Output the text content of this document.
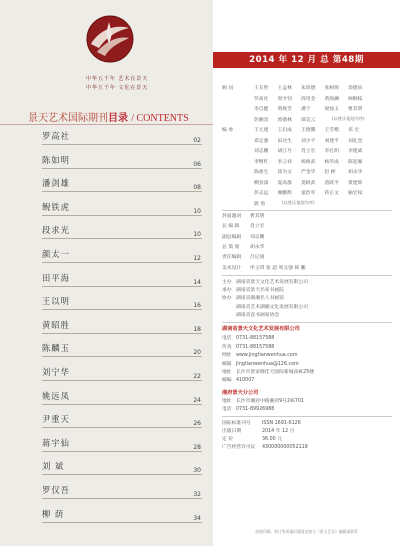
中华五千年 艺术在景天
中华五千年 文化在景天
景天艺术国际期刊目录 / CONTENTS
罗高社	02
陈如明	06
潘剑雄	08
鲵铁虎	10
段求光	10
颜太一	12
田平海	14
王以明	16
黄昭胜	18
陈麟玉	20
刘宁华	22
姚远凤	24
尹重天	26
蒋宇仙	28
刘 斌	30
罗仅吾	32
柳 荫	34
2014 年 12 月 总 第48期
顾 问	王友智 王孟林 朱训德 张树海 余德泉
罗高社 周令钊 周用金 黄海澜 柯桐枝
李自健 黄规芳 潘宁	梁仙玉 曹其明
彭湘容 郭德林 谭美云	(以姓氏笔划为序)
编 委	王元建 王启成 王德馨 王雪楷 邓 宏
邓定强 田达生 刘少平 刘建平 刘礼堂
刘志鹏 胡江号 肖立宏 李孔明 李建威
李继红 李云祥 杨俊武 杨华成 陈迎雁
陈惠生 涂为文 严金华 赵 彬	胡永华
柳劲深 夏高群 莫顾武 唐跃平 黄建辉
彭志远 谢鹏辉 童治军 蒋正文 喻宏权
蔚 勇	(以姓氏笔划为序)
封面题词 曹其明
总 编 辑 肖立宏
副总编辑 刘志鹏
总 策 划 胡永华
责任编辑 吕记国
美术设计 申玉琪 张 超 周文强 韩 鹏
主办 湖南省景天文化艺术发展有限公司
承办 湖南省景天名家书画院
协办 湖南省湖湘名人书画馆
湖南省艺术湖湘文化发展有限公司
湖南省直书画家协会
湖南省景天文化艺术发展有限公司
电话 0731-88157588
传真 0731-88157588
网址 www.jingtianwenhua.com
邮箱 Jingtianwenhua@126.com
地址 长沙市景家塘佳天国际新城南栋25楼
邮编 410007
湘府景天分公司
地址 长沙市湘府中路湘府9号2栋701
电话 0731-89926988
国际标准刊号 ISSN 1691-6126
出版日期	2014 年 12 月
定 价	36.00 元
广告经营许可证 430000000052118
如遇印刷、装订等质量问题请直接与《景天艺术》编辑部联系
